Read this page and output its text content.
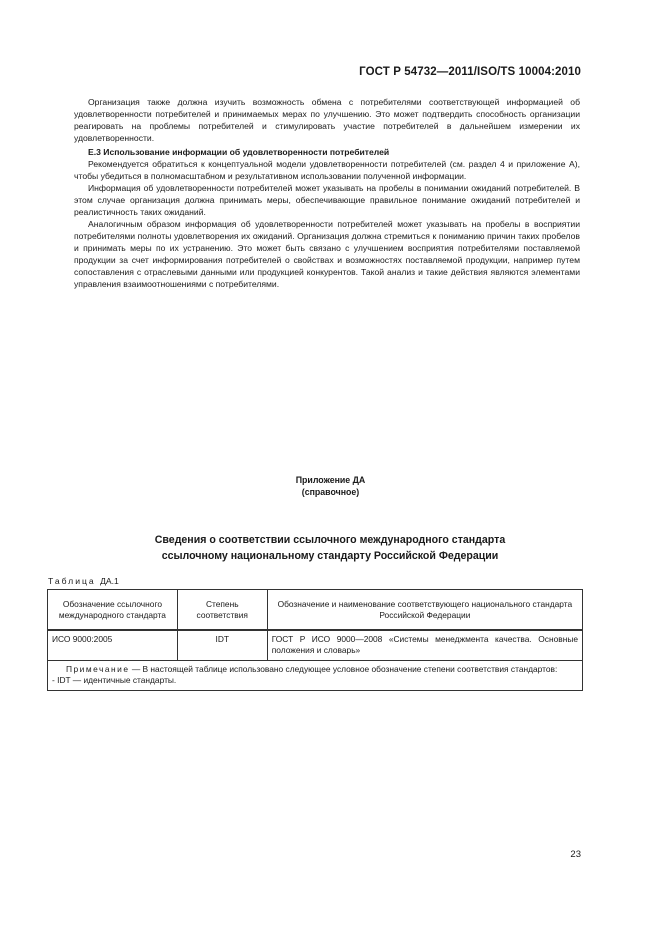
ГОСТ Р 54732—2011/ISO/TS 10004:2010

Организация также должна изучить возможность обмена с потребителями соответствующей информацией об удовлетворенности потребителей и принимаемых мерах по улучшению. Это может подтвердить способность организации реагировать на проблемы потребителей и стимулировать участие потребителей в дальнейшем измерении их удовлетворенности.

Е.3 Использование информации об удовлетворенности потребителей

Рекомендуется обратиться к концептуальной модели удовлетворенности потребителей (см. раздел 4 и приложение А), чтобы убедиться в полномасштабном и результативном использовании полученной информации.

Информация об удовлетворенности потребителей может указывать на пробелы в понимании ожиданий потребителей. В этом случае организация должна принимать меры, обеспечивающие правильное понимание ожиданий потребителей и реалистичность таких ожиданий.

Аналогичным образом информация об удовлетворенности потребителей может указывать на пробелы в восприятии потребителями полноты удовлетворения их ожиданий. Организация должна стремиться к пониманию причин таких пробелов и принимать меры по их устранению. Это может быть связано с улучшением восприятия потребителями поставляемой продукции за счет информирования потребителей о свойствах и возможностях поставляемой продукции, например путем сопоставления с отраслевыми данными или продукцией конкурентов. Такой анализ и такие действия являются элементами управления взаимоотношениями с потребителями.

Приложение ДА
(справочное)
Сведения о соответствии ссылочного международного стандарта
ссылочному национальному стандарту Российской Федерации
Таблица ДА.1
Обозначение ссылочного международного стандарта	Степень соответствия	Обозначение и наименование соответствующего национального стандарта Российской Федерации
ИСО 9000:2005	IDT	ГОСТ Р ИСО 9000—2008 «Системы менеджмента качества. Основные положения и словарь»

Примечание — В настоящей таблице использовано следующее условное обозначение степени соответствия стандартов:

- IDT — идентичные стандарты.		

23
